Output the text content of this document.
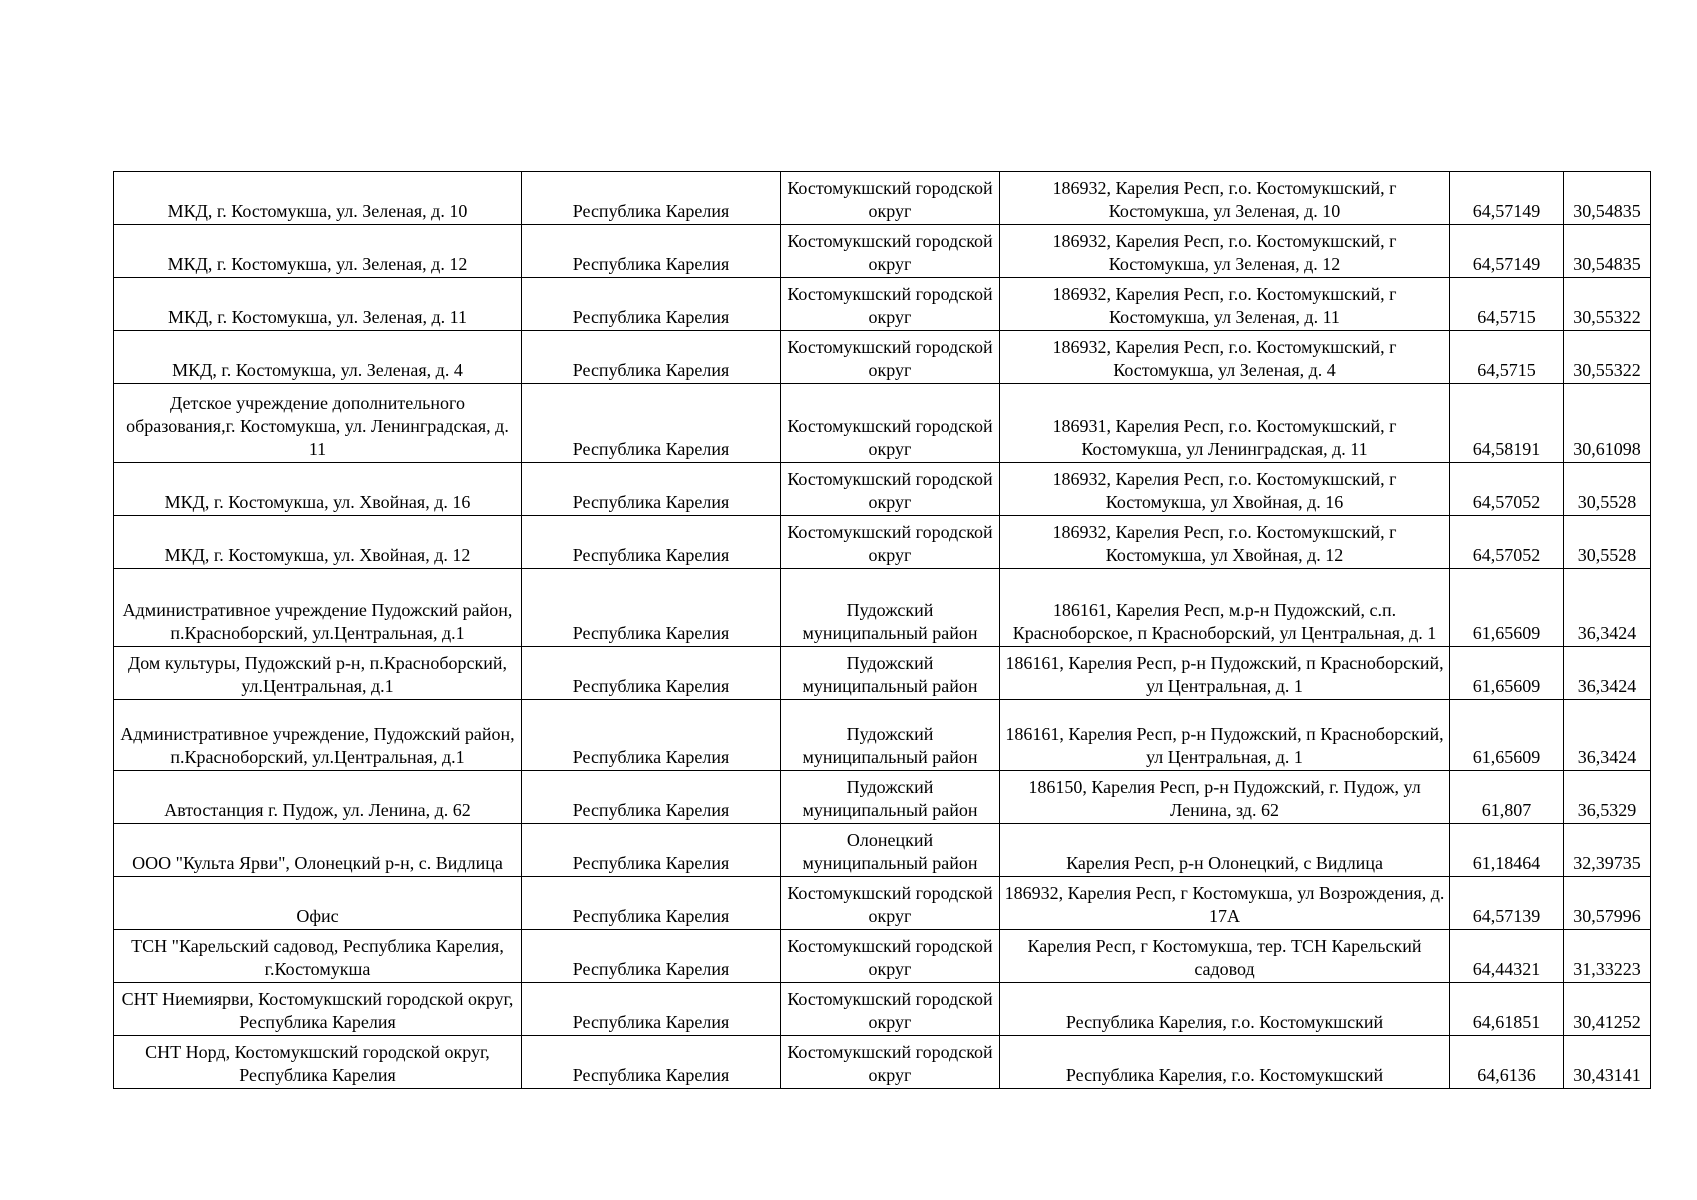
МКД, г. Костомукша, ул. Зеленая, д. 10	Республика Карелия	Костомукшский городской округ	186932, Карелия Респ, г.о. Костомукшский, г Костомукша, ул Зеленая, д. 10	64,57149	30,54835
МКД, г. Костомукша, ул. Зеленая, д. 12	Республика Карелия	Костомукшский городской округ	186932, Карелия Респ, г.о. Костомукшский, г Костомукша, ул Зеленая, д. 12	64,57149	30,54835
МКД, г. Костомукша, ул. Зеленая, д. 11	Республика Карелия	Костомукшский городской округ	186932, Карелия Респ, г.о. Костомукшский, г Костомукша, ул Зеленая, д. 11	64,5715	30,55322
МКД, г. Костомукша, ул. Зеленая, д. 4	Республика Карелия	Костомукшский городской округ	186932, Карелия Респ, г.о. Костомукшский, г Костомукша, ул Зеленая, д. 4	64,5715	30,55322
Детское учреждение дополнительного образования,г. Костомукша, ул. Ленинградская, д. 11	Республика Карелия	Костомукшский городской округ	186931, Карелия Респ, г.о. Костомукшский, г Костомукша, ул Ленинградская, д. 11	64,58191	30,61098
МКД, г. Костомукша, ул. Хвойная, д. 16	Республика Карелия	Костомукшский городской округ	186932, Карелия Респ, г.о. Костомукшский, г Костомукша, ул Хвойная, д. 16	64,57052	30,5528
МКД, г. Костомукша, ул. Хвойная, д. 12	Республика Карелия	Костомукшский городской округ	186932, Карелия Респ, г.о. Костомукшский, г Костомукша, ул Хвойная, д. 12	64,57052	30,5528
Административное учреждение Пудожский район, п.Красноборский, ул.Центральная, д.1	Республика Карелия	Пудожский муниципальный район	186161, Карелия Респ, м.р-н Пудожский, с.п. Красноборское, п Красноборский, ул Центральная, д. 1	61,65609	36,3424
Дом культуры, Пудожский р-н, п.Красноборский, ул.Центральная, д.1	Республика Карелия	Пудожский муниципальный район	186161, Карелия Респ, р-н Пудожский, п Красноборский, ул Центральная, д. 1	61,65609	36,3424
Административное учреждение, Пудожский район, п.Красноборский, ул.Центральная, д.1	Республика Карелия	Пудожский муниципальный район	186161, Карелия Респ, р-н Пудожский, п Красноборский, ул Центральная, д. 1	61,65609	36,3424
Автостанция г. Пудож, ул. Ленина, д. 62	Республика Карелия	Пудожский муниципальный район	186150, Карелия Респ, р-н Пудожский, г. Пудож, ул Ленина, зд. 62	61,807	36,5329
ООО "Культа Ярви", Олонецкий р-н, с. Видлица	Республика Карелия	Олонецкий муниципальный район	Карелия Респ, р-н Олонецкий, с Видлица	61,18464	32,39735
Офис	Республика Карелия	Костомукшский городской округ	186932, Карелия Респ, г Костомукша, ул Возрождения, д. 17А	64,57139	30,57996
ТСН "Карельский садовод, Республика Карелия, г.Костомукша	Республика Карелия	Костомукшский городской округ	Карелия Респ, г Костомукша, тер. ТСН Карельский садовод	64,44321	31,33223
СНТ Ниемиярви, Костомукшский городской округ, Республика Карелия	Республика Карелия	Костомукшский городской округ	Республика Карелия, г.о. Костомукшский	64,61851	30,41252
СНТ Норд, Костомукшский городской округ, Республика Карелия	Республика Карелия	Костомукшский городской округ	Республика Карелия, г.о. Костомукшский	64,6136	30,43141
